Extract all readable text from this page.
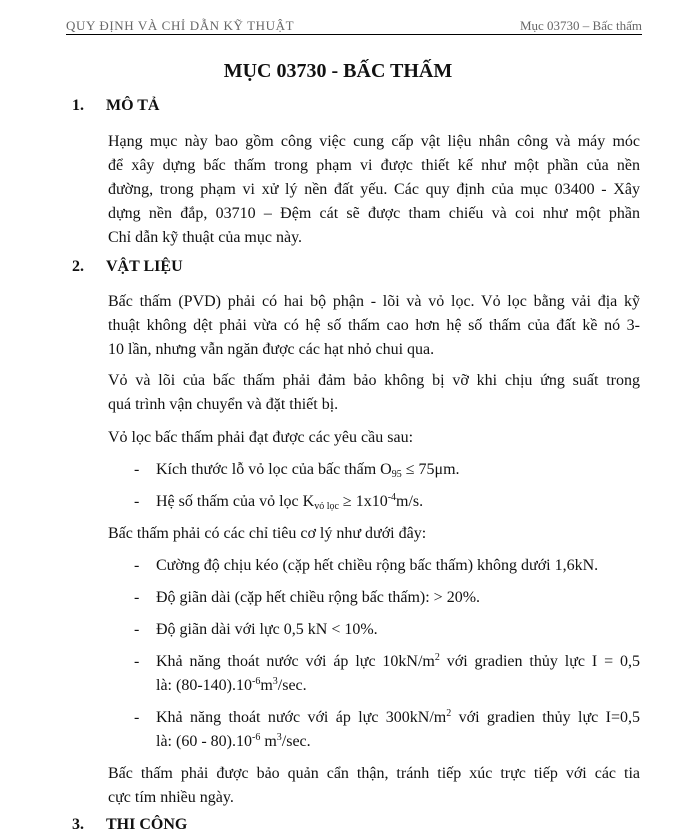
QUY ĐỊNH VÀ CHỈ DẪN KỸ THUẬT	Mục 03730 – Bấc thấm
MỤC 03730 - BẤC THẤM
1. MÔ TẢ
Hạng mục này bao gồm công việc cung cấp vật liệu nhân công và máy móc
để xây dựng bấc thấm trong phạm vi được thiết kế như một phần của nền
đường, trong phạm vi xử lý nền đất yếu. Các quy định của mục 03400 - Xây
dựng nền đắp, 03710 – Đệm cát sẽ được tham chiếu và coi như một phần
Chỉ dẫn kỹ thuật của mục này.
2. VẬT LIỆU
Bấc thấm (PVD) phải có hai bộ phận - lõi và vỏ lọc. Vỏ lọc bằng vải địa kỹ
thuật không dệt phải vừa có hệ số thấm cao hơn hệ số thấm của đất kề nó 3-
10 lần, nhưng vẫn ngăn được các hạt nhỏ chui qua.
Vỏ và lõi của bấc thấm phải đảm bảo không bị vỡ khi chịu ứng suất trong
quá trình vận chuyển và đặt thiết bị.
Vỏ lọc bấc thấm phải đạt được các yêu cầu sau:
- Kích thước lỗ vỏ lọc của bấc thấm $O_{95} \le 75\mu m$.
- Hệ số thấm của vỏ lọc $K_{vỏ lọc} \ge 1x10^{-4}m/s$.
Bấc thấm phải có các chỉ tiêu cơ lý như dưới đây:
- Cường độ chịu kéo (cặp hết chiều rộng bấc thấm) không dưới 1,6kN.
- Độ giãn dài (cặp hết chiều rộng bấc thấm): > 20%.
- Độ giãn dài với lực 0,5 kN < 10%.
- Khả năng thoát nước với áp lực $10kN/m^2$ với gradien thủy lực I = 0,5
là: $(80-140).10^{-6}m^3/\sec$.
- Khả năng thoát nước với áp lực $300kN/m^2$ với gradien thủy lực I=0,5
là: $(60 - 80).10^{-6}$ $m^3/\sec$.
Bấc thấm phải được bảo quản cẩn thận, tránh tiếp xúc trực tiếp với các tia
cực tím nhiều ngày.
3. THI CÔNG
